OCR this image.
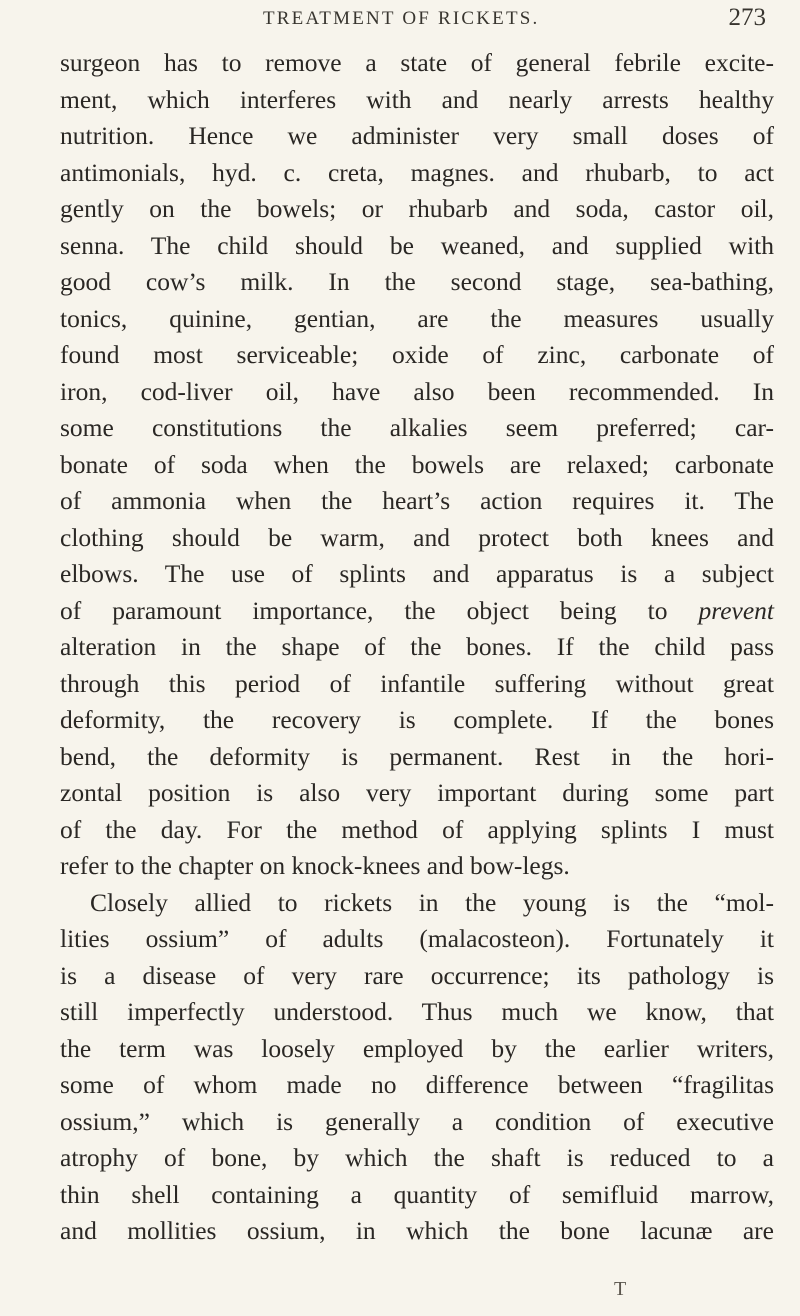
TREATMENT OF RICKETS.	273
surgeon has to remove a state of general febrile excite-
ment, which interferes with and nearly arrests healthy
nutrition. Hence we administer very small doses of
antimonials, hyd. c. creta, magnes. and rhubarb, to act
gently on the bowels; or rhubarb and soda, castor oil,
senna. The child should be weaned, and supplied with
good cow’s milk. In the second stage, sea-bathing,
tonics, quinine, gentian, are the measures usually
found most serviceable; oxide of zinc, carbonate of
iron, cod-liver oil, have also been recommended. In
some constitutions the alkalies seem preferred; car-
bonate of soda when the bowels are relaxed; carbonate
of ammonia when the heart’s action requires it. The
clothing should be warm, and protect both knees and
elbows. The use of splints and apparatus is a subject
of paramount importance, the object being to prevent
alteration in the shape of the bones. If the child pass
through this period of infantile suffering without great
deformity, the recovery is complete. If the bones
bend, the deformity is permanent. Rest in the hori-
zontal position is also very important during some part
of the day. For the method of applying splints I must
refer to the chapter on knock-knees and bow-legs.
Closely allied to rickets in the young is the “mol-
lities ossium” of adults (malacosteon). Fortunately it
is a disease of very rare occurrence; its pathology is
still imperfectly understood. Thus much we know, that
the term was loosely employed by the earlier writers,
some of whom made no difference between “fragilitas
ossium,” which is generally a condition of executive
atrophy of bone, by which the shaft is reduced to a
thin shell containing a quantity of semifluid marrow,
and mollities ossium, in which the bone lacunæ are
T
